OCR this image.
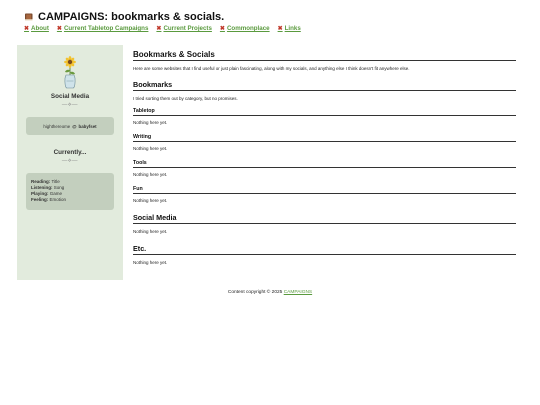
CAMPAIGNS: bookmarks & socials.
✖ About ✖ Current Tabletop Campaigns ✖ Current Projects ✖ Commonplace ✖ Links
Social Media
—⟡—
highthereome @ babyfset
Currently...
—⟡—
Reading: Title
Listening: Song
Playing: Game
Feeling: Emotion
Bookmarks & Socials

Here are some websites that I find useful or just plain fascinating, along with my socials, and anything else I think doesn't fit anywhere else.

Bookmarks

I tried sorting them out by category, but no promises.

Tabletop

Nothing here yet.

Writing

Nothing here yet.

Tools

Nothing here yet.

Fun

Nothing here yet.

Social Media

Nothing here yet.

Etc.

Nothing here yet.

Content copyright © 2025 CAMPAIGNS
